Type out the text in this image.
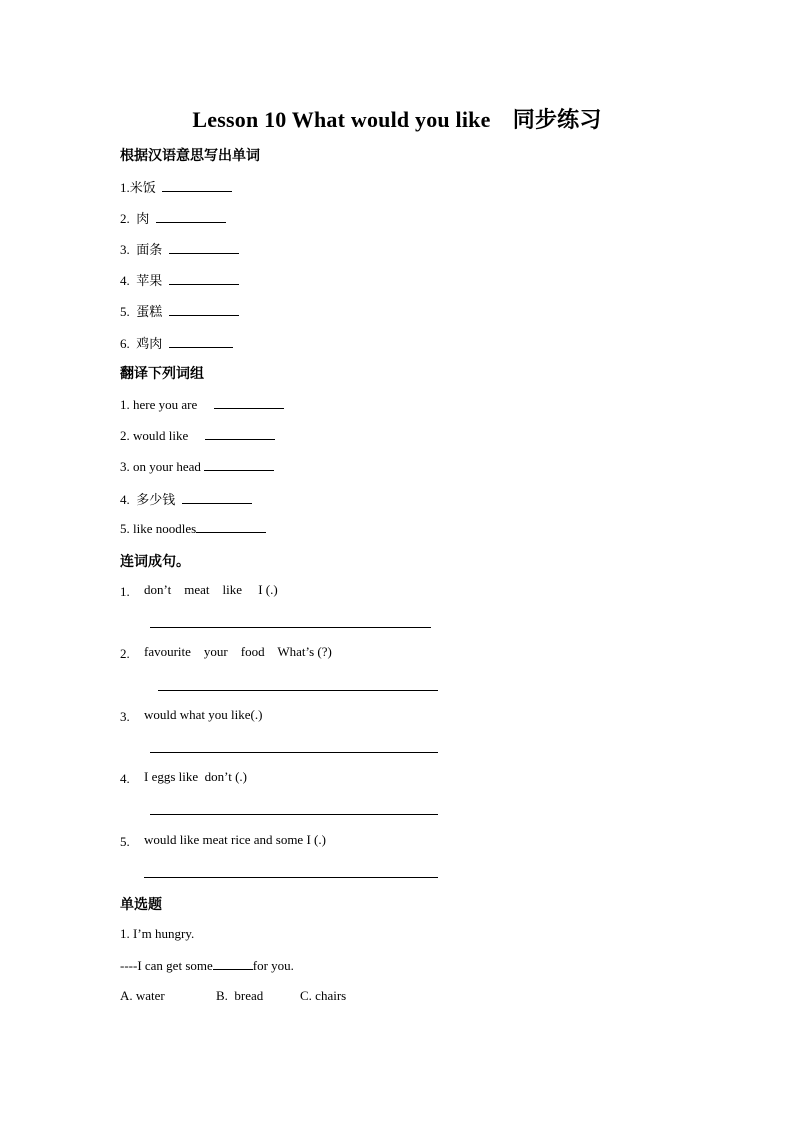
Lesson 10 What would you like　同步练习
根据汉语意思写出单词
1.米饭
2. 肉
3. 面条
4. 苹果
5. 蛋糕
6. 鸡肉
翻译下列词组
1. here you are
2. would like
3. on your head
4. 多少钱
5. like noodles
连词成句。
1. don’t    meat    like     I (.)
2. favourite    your    food    What’s (?)
3. would what you like(.)
4. I eggs like  don’t (.)
5. would like meat rice and some I (.)
单选题
1. I’m hungry.
----I can get some	for you.
A. water	B.  bread	C. chairs
